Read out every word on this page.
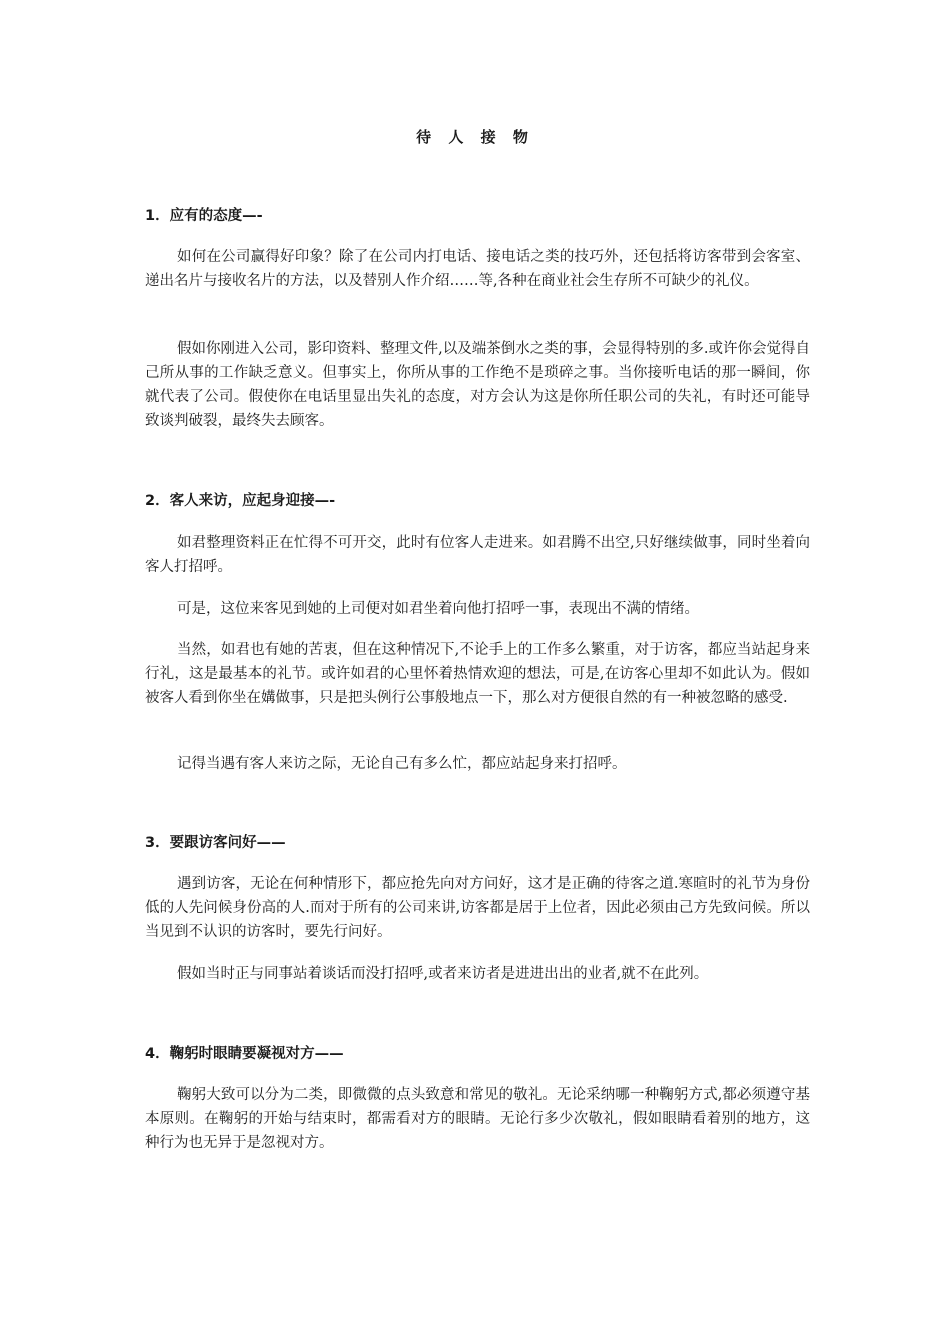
待 人 接 物
1．应有的态度—-
如何在公司赢得好印象？除了在公司内打电话、接电话之类的技巧外，还包括将访客带到会客室、递出名片与接收名片的方法，以及替别人作介绍……等,各种在商业社会生存所不可缺少的礼仪。
假如你刚进入公司，影印资料、整理文件,以及端茶倒水之类的事，会显得特别的多.或许你会觉得自己所从事的工作缺乏意义。但事实上，你所从事的工作绝不是琐碎之事。当你接听电话的那一瞬间，你就代表了公司。假使你在电话里显出失礼的态度，对方会认为这是你所任职公司的失礼，有时还可能导致谈判破裂，最终失去顾客。
2．客人来访，应起身迎接—-
如君整理资料正在忙得不可开交，此时有位客人走进来。如君腾不出空,只好继续做事，同时坐着向客人打招呼。
可是，这位来客见到她的上司便对如君坐着向他打招呼一事，表现出不满的情绪。
当然，如君也有她的苦衷，但在这种情况下,不论手上的工作多么繁重，对于访客，都应当站起身来行礼，这是最基本的礼节。或许如君的心里怀着热情欢迎的想法，可是,在访客心里却不如此认为。假如被客人看到你坐在媾做事，只是把头例行公事般地点一下，那么对方便很自然的有一种被忽略的感受.
记得当遇有客人来访之际，无论自己有多么忙，都应站起身来打招呼。
3．要跟访客问好——
遇到访客，无论在何种情形下，都应抢先向对方问好，这才是正确的待客之道.寒暄时的礼节为身份低的人先问候身份高的人.而对于所有的公司来讲,访客都是居于上位者，因此必须由己方先致问候。所以当见到不认识的访客时，要先行问好。
假如当时正与同事站着谈话而没打招呼,或者来访者是进进出出的业者,就不在此列。
4．鞠躬时眼睛要凝视对方——
鞠躬大致可以分为二类，即微微的点头致意和常见的敬礼。无论采纳哪一种鞠躬方式,都必须遵守基本原则。在鞠躬的开始与结束时，都需看对方的眼睛。无论行多少次敬礼，假如眼睛看着别的地方，这种行为也无异于是忽视对方。
